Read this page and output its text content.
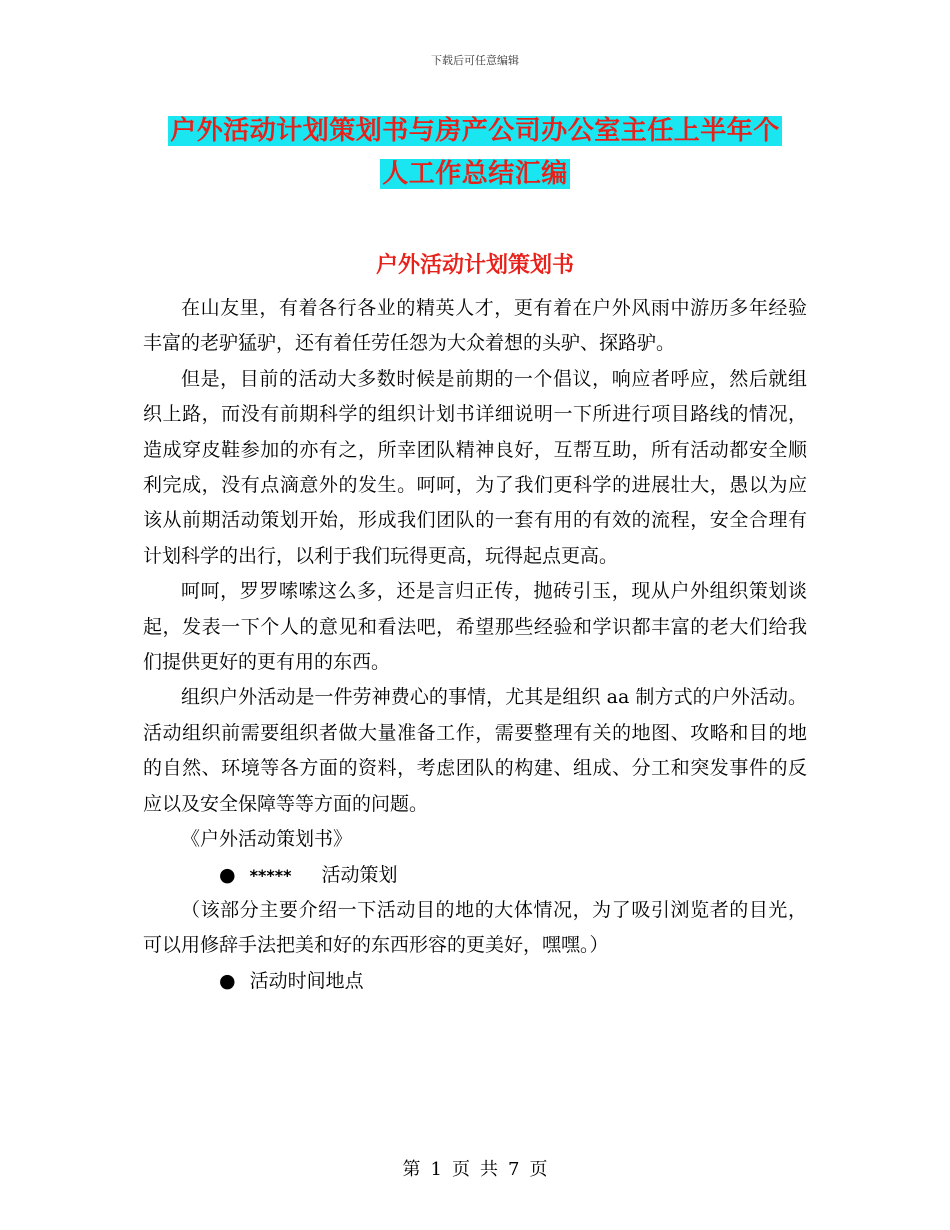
下载后可任意编辑
户外活动计划策划书与房产公司办公室主任上半年个
人工作总结汇编
户外活动计划策划书

在山友里，有着各行各业的精英人才，更有着在户外风雨中游历多年经验丰富的老驴猛驴，还有着任劳任怨为大众着想的头驴、探路驴。

但是，目前的活动大多数时候是前期的一个倡议，响应者呼应，然后就组织上路，而没有前期科学的组织计划书详细说明一下所进行项目路线的情况，造成穿皮鞋参加的亦有之，所幸团队精神良好，互帮互助，所有活动都安全顺利完成，没有点滴意外的发生。呵呵，为了我们更科学的进展壮大，愚以为应该从前期活动策划开始，形成我们团队的一套有用的有效的流程，安全合理有计划科学的出行，以利于我们玩得更高，玩得起点更高。

呵呵，罗罗嗦嗦这么多，还是言归正传，抛砖引玉，现从户外组织策划谈起，发表一下个人的意见和看法吧，希望那些经验和学识都丰富的老大们给我们提供更好的更有用的东西。

组织户外活动是一件劳神费心的事情，尤其是组织 aa 制方式的户外活动。活动组织前需要组织者做大量准备工作，需要整理有关的地图、攻略和目的地的自然、环境等各方面的资料，考虑团队的构建、组成、分工和突发事件的反应以及安全保障等等方面的问题。

《户外活动策划书》

● ***** 活动策划

（该部分主要介绍一下活动目的地的大体情况，为了吸引浏览者的目光，可以用修辞手法把美和好的东西形容的更美好，嘿嘿。）

● 活动时间地点

第 1 页 共 7 页
